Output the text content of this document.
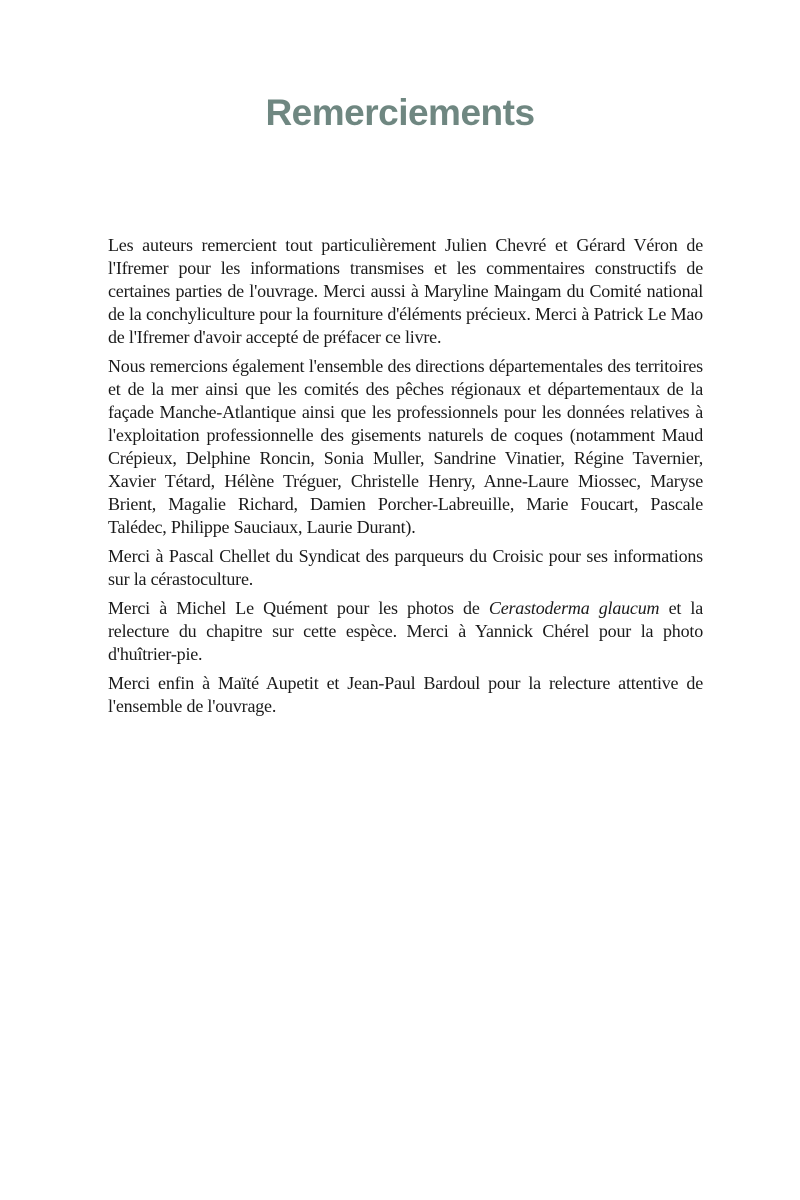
Remerciements

Les auteurs remercient tout particulièrement Julien Chevré et Gérard Véron de l'Ifremer pour les informations transmises et les commentaires constructifs de certaines parties de l'ouvrage. Merci aussi à Maryline Maingam du Comité national de la conchyliculture pour la fourniture d'éléments précieux. Merci à Patrick Le Mao de l'Ifremer d'avoir accepté de préfacer ce livre.

Nous remercions également l'ensemble des directions départementales des territoires et de la mer ainsi que les comités des pêches régionaux et départementaux de la façade Manche-Atlantique ainsi que les professionnels pour les données relatives à l'exploitation professionnelle des gisements naturels de coques (notamment Maud Crépieux, Delphine Roncin, Sonia Muller, Sandrine Vinatier, Régine Tavernier, Xavier Tétard, Hélène Tréguer, Christelle Henry, Anne-Laure Miossec, Maryse Brient, Magalie Richard, Damien Porcher-Labreuille, Marie Foucart, Pascale Talédec, Philippe Sauciaux, Laurie Durant).

Merci à Pascal Chellet du Syndicat des parqueurs du Croisic pour ses informations sur la cérastoculture.

Merci à Michel Le Quément pour les photos de Cerastoderma glaucum et la relecture du chapitre sur cette espèce. Merci à Yannick Chérel pour la photo d'huîtrier-pie.

Merci enfin à Maïté Aupetit et Jean-Paul Bardoul pour la relecture attentive de l'ensemble de l'ouvrage.
